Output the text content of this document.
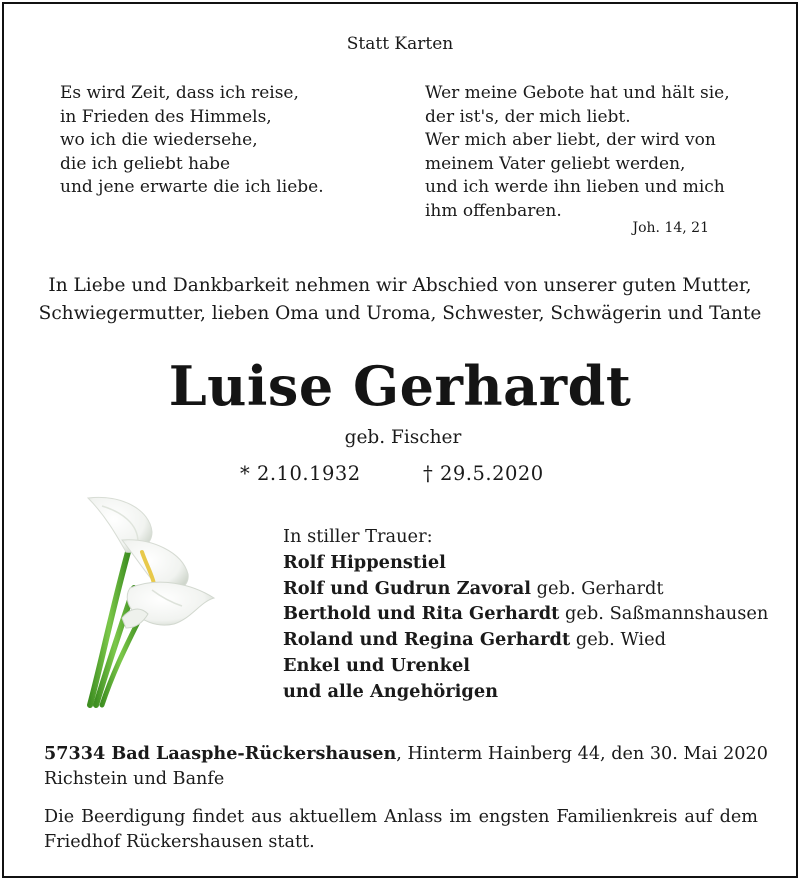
Statt Karten
Es wird Zeit, dass ich reise,
in Frieden des Himmels,
wo ich die wiedersehe,
die ich geliebt habe
und jene erwarte die ich liebe.
Wer meine Gebote hat und hält sie,
der ist's, der mich liebt.
Wer mich aber liebt, der wird von
meinem Vater geliebt werden,
und ich werde ihn lieben und mich
ihm offenbaren.
Joh. 14, 21
In Liebe und Dankbarkeit nehmen wir Abschied von unserer guten Mutter,
Schwiegermutter, lieben Oma und Uroma, Schwester, Schwägerin und Tante
Luise Gerhardt
geb. Fischer
* 2.10.1932	† 29.5.2020
In stiller Trauer:
Rolf Hippenstiel
Rolf und Gudrun Zavoral geb. Gerhardt
Berthold und Rita Gerhardt geb. Saßmannshausen
Roland und Regina Gerhardt geb. Wied
Enkel und Urenkel
und alle Angehörigen
57334 Bad Laasphe-Rückershausen, Hinterm Hainberg 44, den 30. Mai 2020
Richstein und Banfe
Die Beerdigung findet aus aktuellem Anlass im engsten Familienkreis auf dem
Friedhof Rückershausen statt.
